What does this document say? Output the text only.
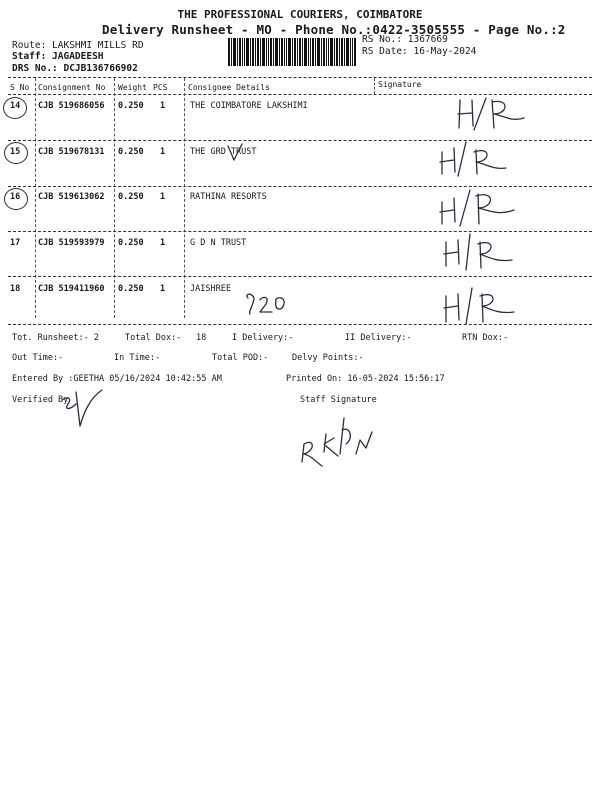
THE PROFESSIONAL COURIERS, COIMBATORE
Delivery Runsheet - MO - Phone No.:0422-3505555 - Page No.:2
Route: LAKSHMI MILLS RD
Staff: JAGADEESH
DRS No.: DCJB136766902
RS No.: 1367669
RS Date: 16-May-2024
S No Consignment No Weight PCS	Consignee Details	Signature
14 CJB 519686056 0.250 1	THE COIMBATORE LAKSHIMI
15 CJB 519678131 0.250 1	THE GRD TRUST
16 CJB 519613062 0.250 1	RATHINA RESORTS
17 CJB 519593979 0.250 1	G D N TRUST
18 CJB 519411960 0.250 1	JAISHREE
Tot. Runsheet:- 2	Total Dox:- 18	I Delivery:-	II Delivery:-	RTN Dox:-
Out Time:-	In Time:-	Total POD:-	Delvy Points:-
Entered By :GEETHA 05/16/2024 10:42:55 AM	Printed On: 16-05-2024 15:56:17
Verified By	Staff Signature
